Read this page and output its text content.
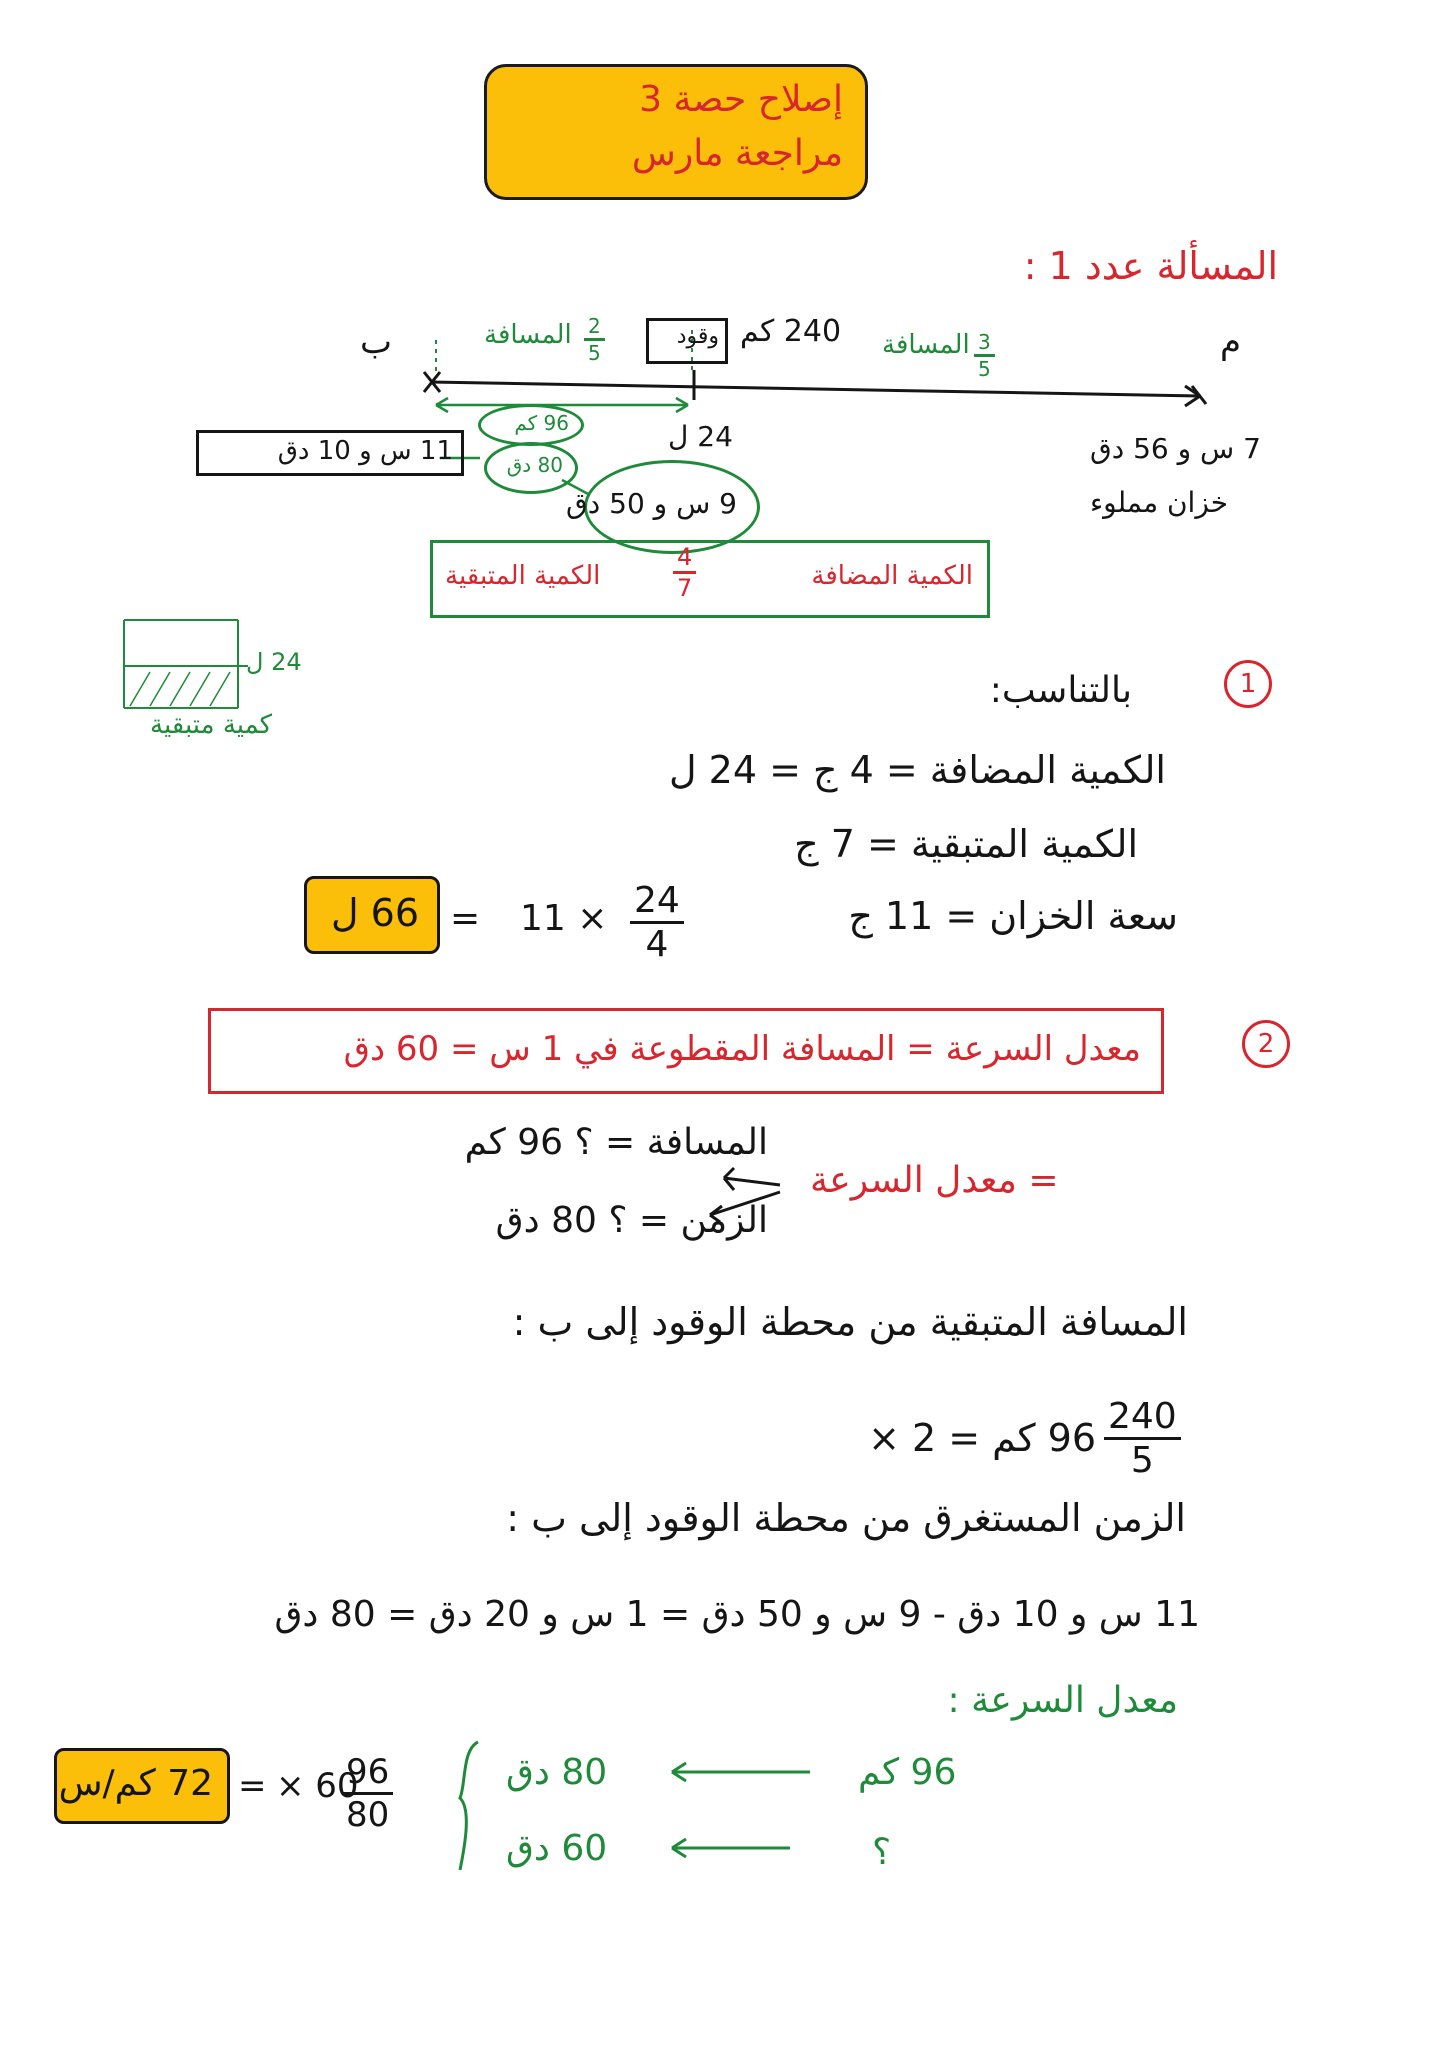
إصلاح حصة 3
مراجعة مارس
المسألة عدد 1 :
ب	م
240 كم
وقود
المسافة $\frac{2}{5}$	المسافة $\frac{3}{5}$
96 كم
80 دق
9 س و 50 دق
24 ل
11 س و 10 دق	7 س و 56 دق
خزان مملوء
الكمية المضافة
$\frac{4}{7}$
الكمية المتبقية
24 ل
كمية متبقية
1
بالتناسب:
الكمية المضافة = 4 ج = 24 ل
الكمية المتبقية = 7 ج
سعة الخزان = 11 ج
$\frac{24}{4}$
11 ×
=
66 ل
2
معدل السرعة = المسافة المقطوعة في 1 س = 60 دق
المسافة = ؟ 96 كم
الزمن = ؟ 80 دق
= معدل السرعة
المسافة المتبقية من محطة الوقود إلى ب :
$\frac{240}{5}$
96 كم = 2 ×
الزمن المستغرق من محطة الوقود إلى ب :
11 س و 10 دق - 9 س و 50 دق = 1 س و 20 دق = 80 دق
معدل السرعة :
96 كم
80 دق
؟
60 دق
$\frac{96}{80}$
× 60
=
72 كم/س
